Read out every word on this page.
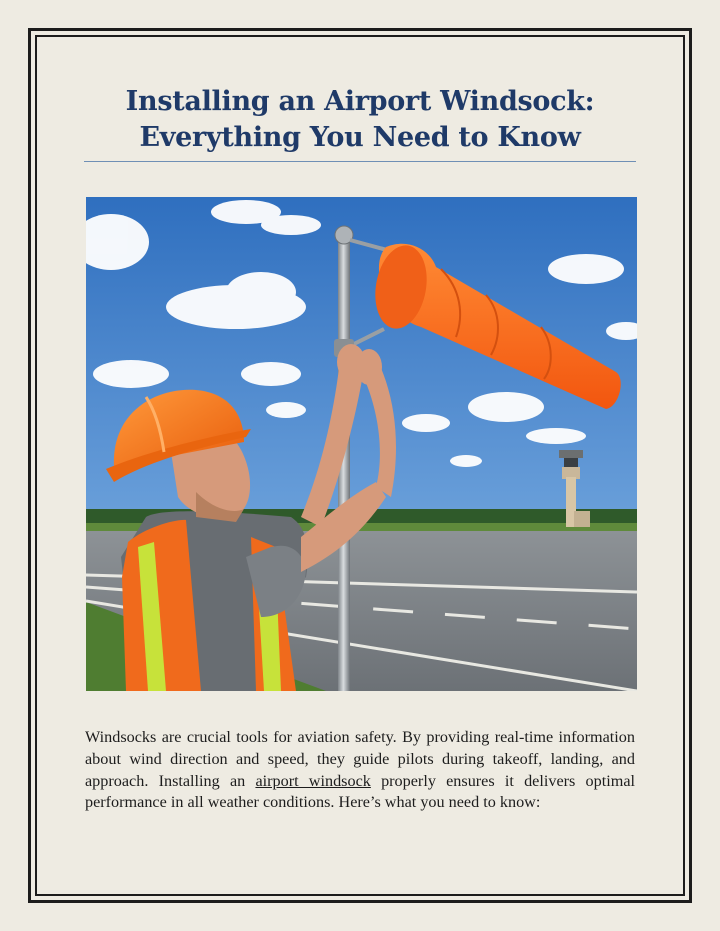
Installing an Airport Windsock:
Everything You Need to Know

Windsocks are crucial tools for aviation safety. By providing real-time information about wind direction and speed, they guide pilots during takeoff, landing, and approach. Installing an airport windsock properly ensures it delivers optimal performance in all weather conditions. Here’s what you need to know:
